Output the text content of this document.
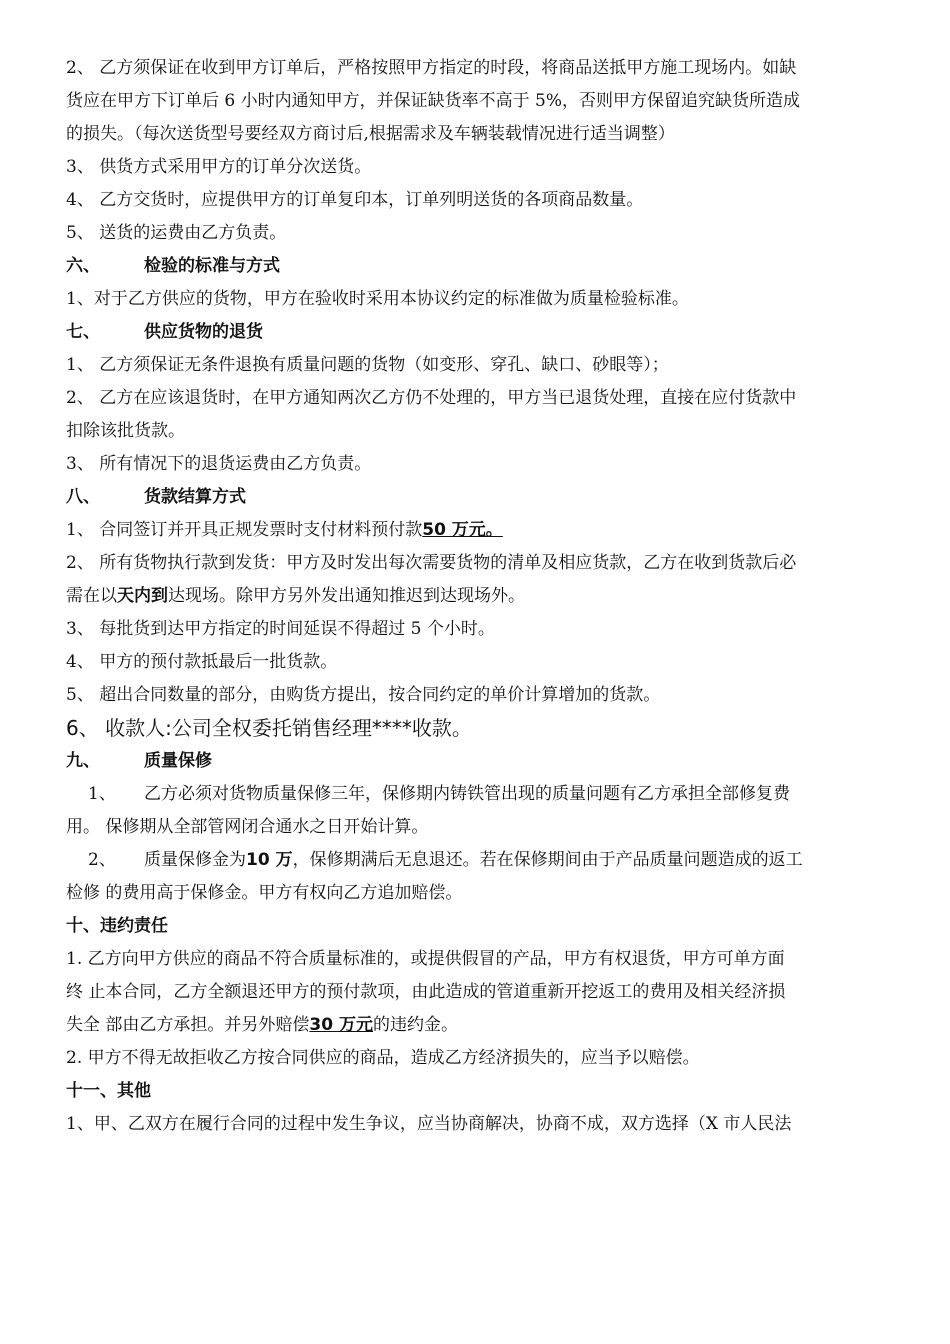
2、 乙方须保证在收到甲方订单后，严格按照甲方指定的时段，将商品送抵甲方施工现场内。如缺

货应在甲方下订单后 6 小时内通知甲方，并保证缺货率不高于 5%，否则甲方保留追究缺货所造成

的损失。（每次送货型号要经双方商讨后,根据需求及车辆装载情况进行适当调整）

3、 供货方式采用甲方的订单分次送货。

4、 乙方交货时，应提供甲方的订单复印本，订单列明送货的各项商品数量。

5、 送货的运费由乙方负责。

六、	检验的标准与方式

1、对于乙方供应的货物，甲方在验收时采用本协议约定的标准做为质量检验标准。

七、	供应货物的退货

1、 乙方须保证无条件退换有质量问题的货物（如变形、穿孔、缺口、砂眼等）；

2、 乙方在应该退货时，在甲方通知两次乙方仍不处理的，甲方当已退货处理，直接在应付货款中

扣除该批货款。

3、 所有情况下的退货运费由乙方负责。

八、	货款结算方式

1、 合同签订并开具正规发票时支付材料预付款50 万元。

2、 所有货物执行款到发货：甲方及时发出每次需要货物的清单及相应货款，乙方在收到货款后必

需在以天内到达现场。除甲方另外发出通知推迟到达现场外。

3、 每批货到达甲方指定的时间延误不得超过 5 个小时。

4、 甲方的预付款抵最后一批货款。

5、 超出合同数量的部分，由购货方提出，按合同约定的单价计算增加的货款。

6、 收款人:公司全权委托销售经理****收款。

九、	质量保修

1、 乙方必须对货物质量保修三年，保修期内铸铁管出现的质量问题有乙方承担全部修复费

用。 保修期从全部管网闭合通水之日开始计算。

2、 质量保修金为10 万，保修期满后无息退还。若在保修期间由于产品质量问题造成的返工

检修 的费用高于保修金。甲方有权向乙方追加赔偿。

十、违约责任

1. 乙方向甲方供应的商品不符合质量标准的，或提供假冒的产品，甲方有权退货，甲方可单方面

终 止本合同，乙方全额退还甲方的预付款项，由此造成的管道重新开挖返工的费用及相关经济损

失全 部由乙方承担。并另外赔偿30 万元的违约金。

2. 甲方不得无故拒收乙方按合同供应的商品，造成乙方经济损失的，应当予以赔偿。

十一、其他

1、甲、乙双方在履行合同的过程中发生争议，应当协商解决，协商不成，双方选择（X 市人民法
